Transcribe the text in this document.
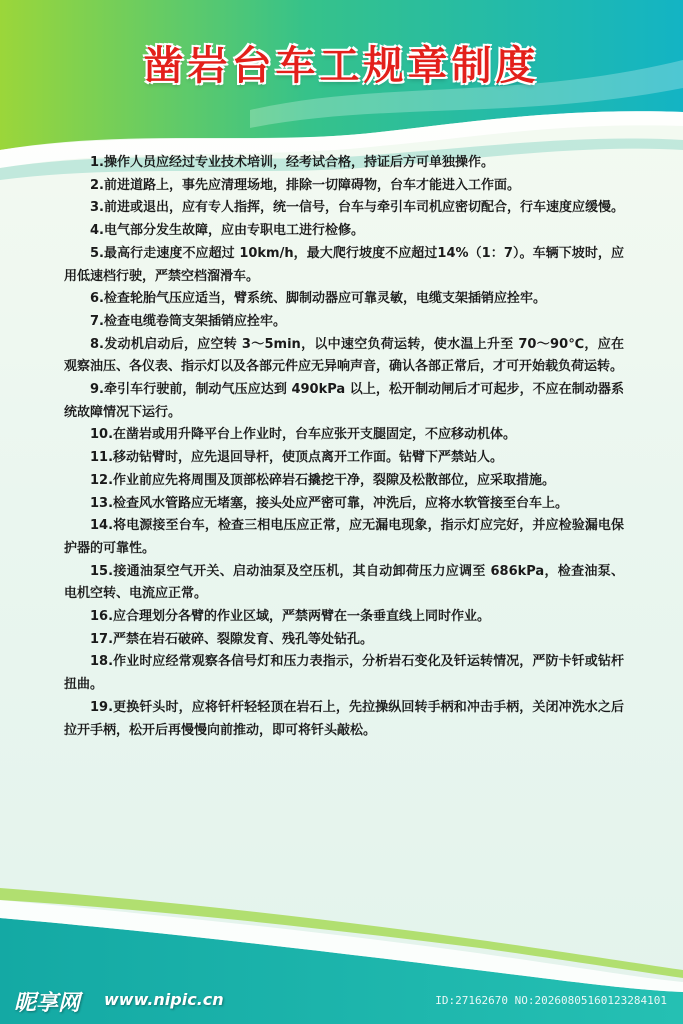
凿岩台车工规章制度

1.操作人员应经过专业技术培训，经考试合格，持证后方可单独操作。

2.前进道路上，事先应清理场地，排除一切障碍物，台车才能进入工作面。

3.前进或退出，应有专人指挥，统一信号，台车与牵引车司机应密切配合，行车速度应缓慢。

4.电气部分发生故障，应由专职电工进行检修。

5.最高行走速度不应超过 10km/h，最大爬行坡度不应超过14%（1：7）。车辆下坡时，应用低速档行驶，严禁空档溜滑车。

6.检查轮胎气压应适当，臂系统、脚制动器应可靠灵敏，电缆支架插销应拴牢。

7.检查电缆卷筒支架插销应拴牢。

8.发动机启动后，应空转 3～5min，以中速空负荷运转，使水温上升至 70～90℃，应在观察油压、各仪表、指示灯以及各部元件应无异响声音，确认各部正常后，才可开始载负荷运转。

9.牵引车行驶前，制动气压应达到 490kPa 以上，松开制动闸后才可起步，不应在制动器系统故障情况下运行。

10.在凿岩或用升降平台上作业时，台车应张开支腿固定，不应移动机体。

11.移动钻臂时，应先退回导杆，使顶点离开工作面。钻臂下严禁站人。

12.作业前应先将周围及顶部松碎岩石撬挖干净，裂隙及松散部位，应采取措施。

13.检查风水管路应无堵塞，接头处应严密可靠，冲洗后，应将水软管接至台车上。

14.将电源接至台车，检查三相电压应正常，应无漏电现象，指示灯应完好，并应检验漏电保护器的可靠性。

15.接通油泵空气开关、启动油泵及空压机，其自动卸荷压力应调至 686kPa，检查油泵、电机空转、电流应正常。

16.应合理划分各臂的作业区域，严禁两臂在一条垂直线上同时作业。

17.严禁在岩石破碎、裂隙发育、残孔等处钻孔。

18.作业时应经常观察各信号灯和压力表指示，分析岩石变化及钎运转情况，严防卡钎或钻杆扭曲。

19.更换钎头时，应将钎杆轻轻顶在岩石上，先拉操纵回转手柄和冲击手柄，关闭冲洗水之后拉开手柄，松开后再慢慢向前推动，即可将钎头敲松。

昵享网 www.nipic.cn	ID:27162670 NO:20260805160123284101
